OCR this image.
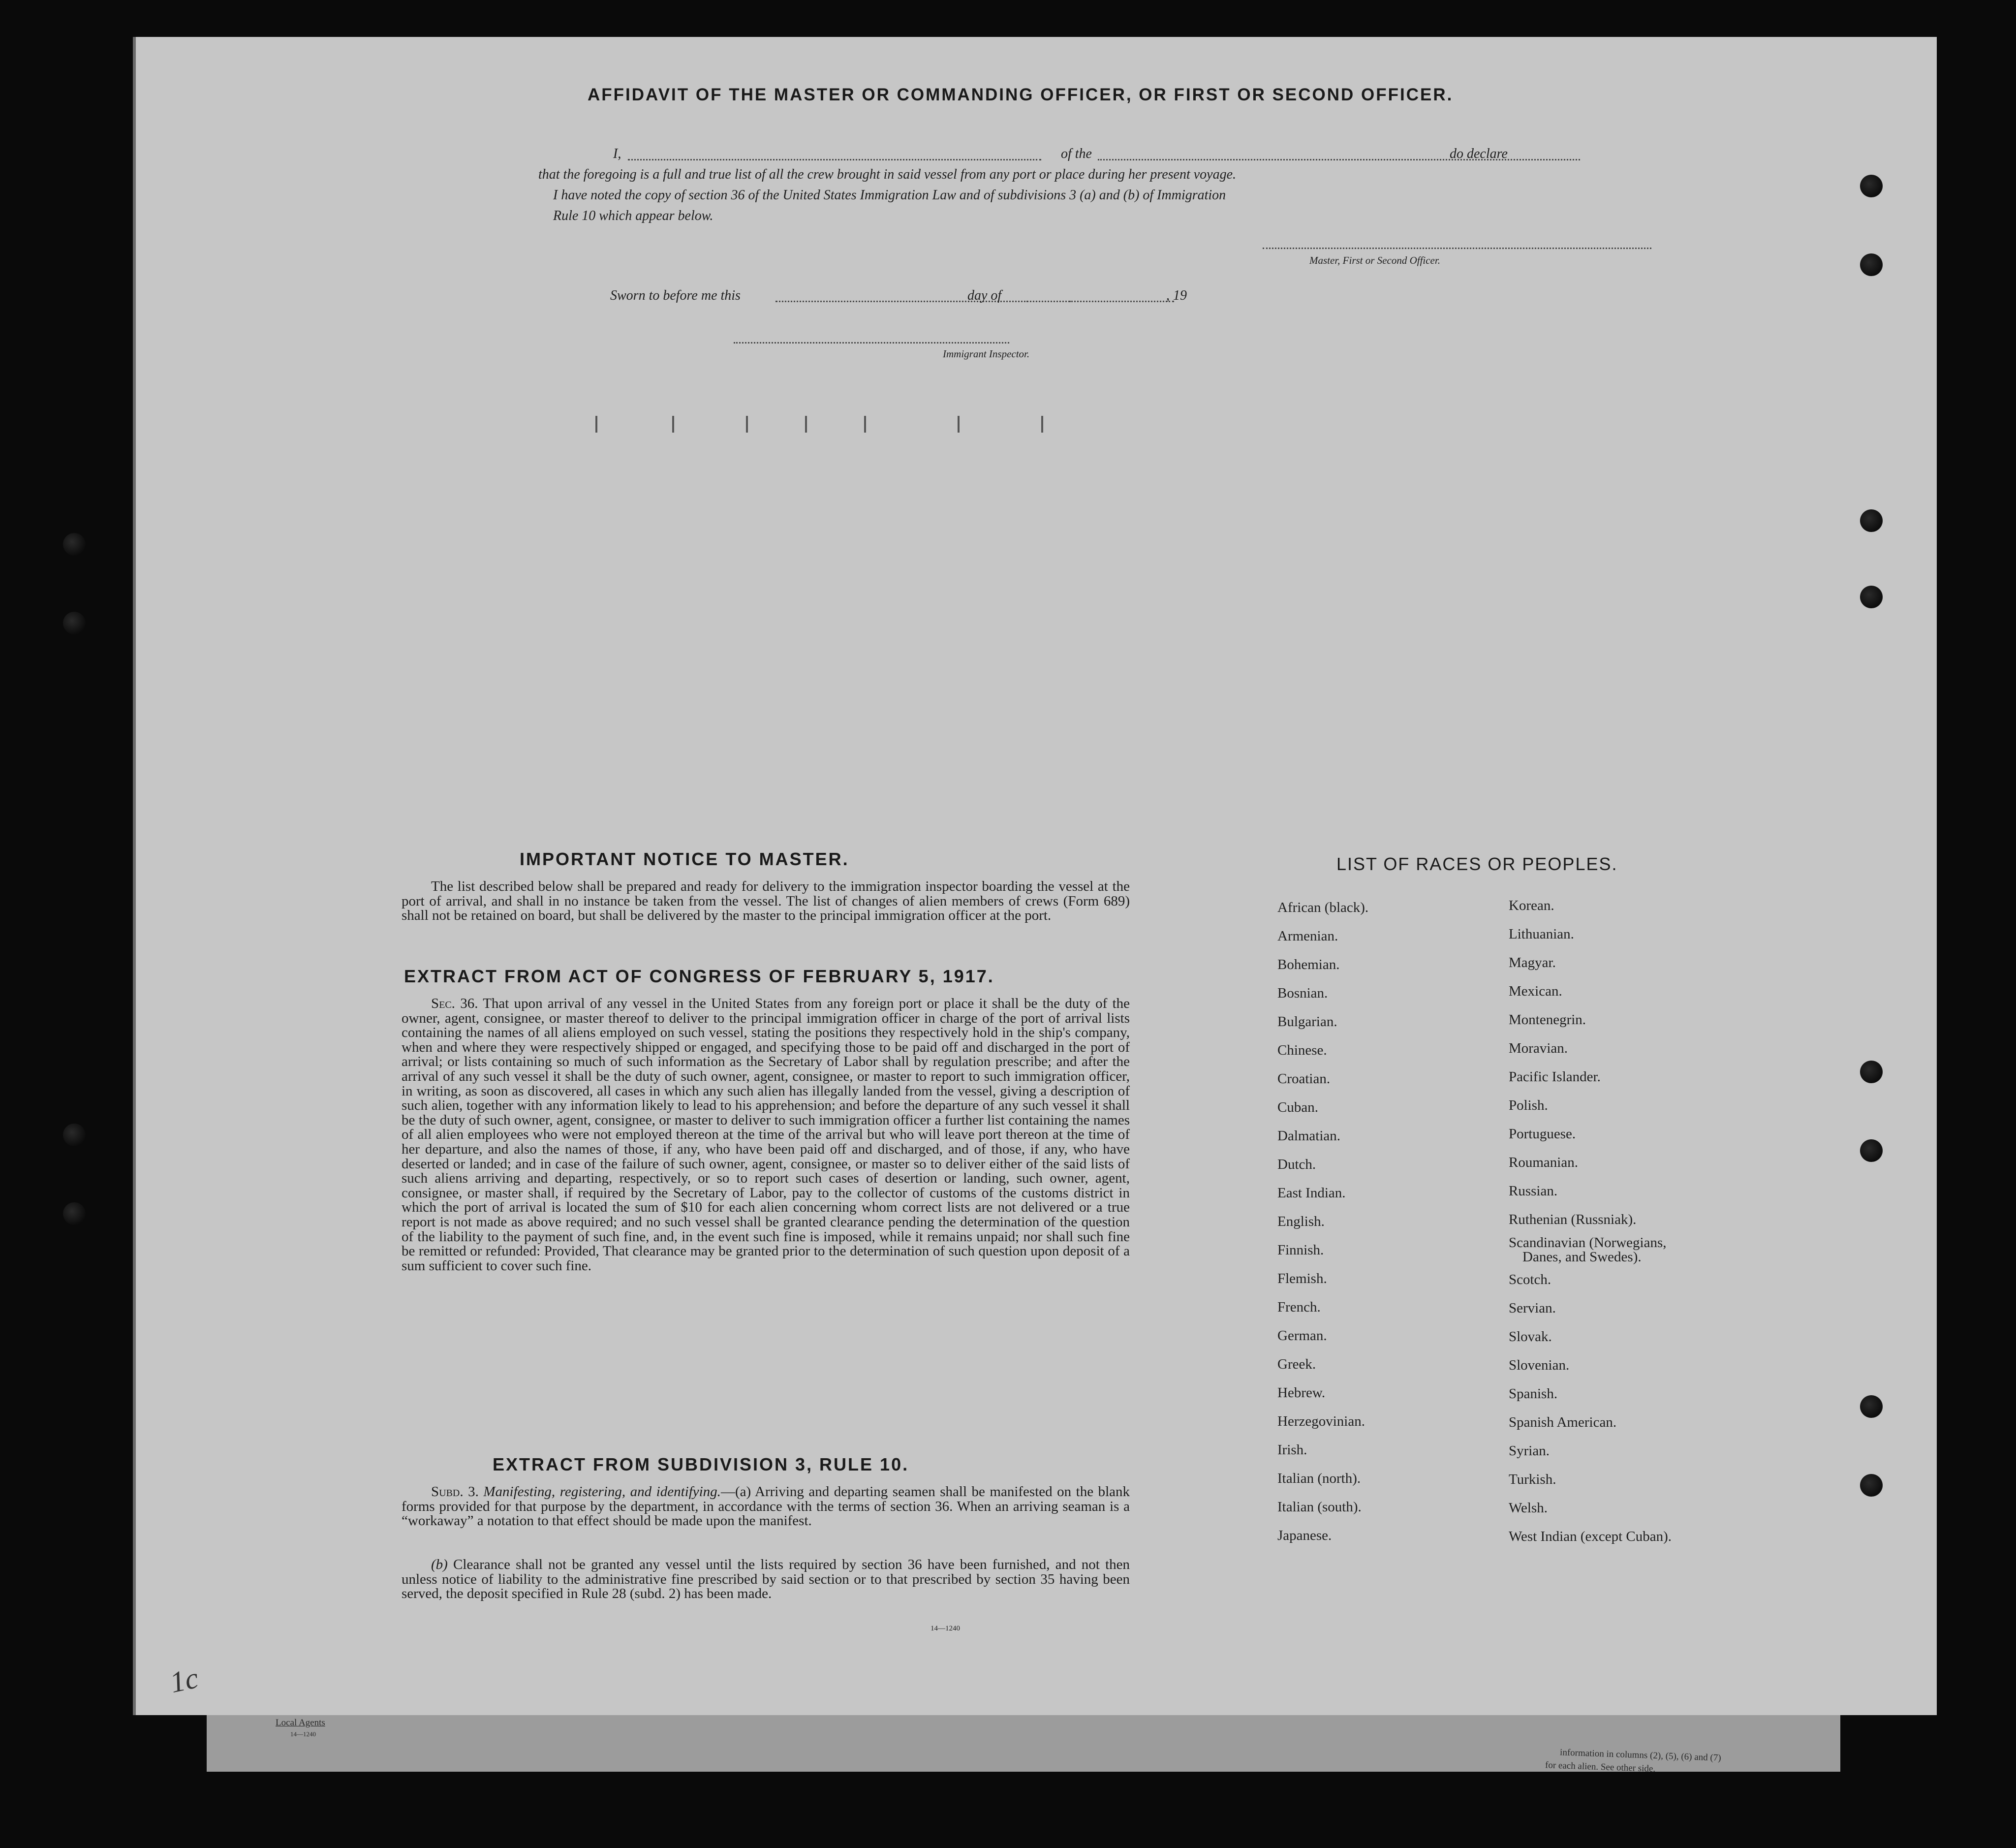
Local Agents
14—1240
information in columns (2), (5), (6) and (7)
for each alien. See other side.
AFFIDAVIT OF THE MASTER OR COMMANDING OFFICER, OR FIRST OR SECOND OFFICER.
I,	of the	do declare
that the foregoing is a full and true list of all the crew brought in said vessel from any port or place during her present voyage.
I have noted the copy of section 36 of the United States Immigration Law and of subdivisions 3 (a) and (b) of Immigration
Rule 10 which appear below.
Master, First or Second Officer.
Sworn to before me this	day of	, 19
Immigrant Inspector.
IMPORTANT NOTICE TO MASTER.
The list described below shall be prepared and ready for delivery to the immigration inspector boarding the vessel at the port of arrival, and shall in no instance be taken from the vessel. The list of changes of alien members of crews (Form 689) shall not be retained on board, but shall be delivered by the master to the principal immigration officer at the port.
EXTRACT FROM ACT OF CONGRESS OF FEBRUARY 5, 1917.
Sec. 36. That upon arrival of any vessel in the United States from any foreign port or place it shall be the duty of the owner, agent, consignee, or master thereof to deliver to the principal immigration officer in charge of the port of arrival lists containing the names of all aliens employed on such vessel, stating the positions they respectively hold in the ship's company, when and where they were respectively shipped or engaged, and specifying those to be paid off and discharged in the port of arrival; or lists containing so much of such information as the Secretary of Labor shall by regulation prescribe; and after the arrival of any such vessel it shall be the duty of such owner, agent, consignee, or master to report to such immigration officer, in writing, as soon as discovered, all cases in which any such alien has illegally landed from the vessel, giving a description of such alien, together with any information likely to lead to his apprehension; and before the departure of any such vessel it shall be the duty of such owner, agent, consignee, or master to deliver to such immigration officer a further list containing the names of all alien employees who were not employed thereon at the time of the arrival but who will leave port thereon at the time of her departure, and also the names of those, if any, who have been paid off and discharged, and of those, if any, who have deserted or landed; and in case of the failure of such owner, agent, consignee, or master so to deliver either of the said lists of such aliens arriving and departing, respectively, or so to report such cases of desertion or landing, such owner, agent, consignee, or master shall, if required by the Secretary of Labor, pay to the collector of customs of the customs district in which the port of arrival is located the sum of $10 for each alien concerning whom correct lists are not delivered or a true report is not made as above required; and no such vessel shall be granted clearance pending the determination of the question of the liability to the payment of such fine, and, in the event such fine is imposed, while it remains unpaid; nor shall such fine be remitted or refunded: Provided, That clearance may be granted prior to the determination of such question upon deposit of a sum sufficient to cover such fine.
EXTRACT FROM SUBDIVISION 3, RULE 10.
Subd. 3. Manifesting, registering, and identifying.—(a) Arriving and departing seamen shall be manifested on the blank forms provided for that purpose by the department, in accordance with the terms of section 36. When an arriving seaman is a “workaway” a notation to that effect should be made upon the manifest.
(b) Clearance shall not be granted any vessel until the lists required by section 36 have been furnished, and not then unless notice of liability to the administrative fine prescribed by said section or to that prescribed by section 35 having been served, the deposit specified in Rule 28 (subd. 2) has been made.
14—1240
LIST OF RACES OR PEOPLES.
African (black).
Armenian.
Bohemian.
Bosnian.
Bulgarian.
Chinese.
Croatian.
Cuban.
Dalmatian.
Dutch.
East Indian.
English.
Finnish.
Flemish.
French.
German.
Greek.
Hebrew.
Herzegovinian.
Irish.
Italian (north).
Italian (south).
Japanese.
Korean.
Lithuanian.
Magyar.
Mexican.
Montenegrin.
Moravian.
Pacific Islander.
Polish.
Portuguese.
Roumanian.
Russian.
Ruthenian (Russniak).
Scandinavian (Norwegians,
Danes, and Swedes).
Scotch.
Servian.
Slovak.
Slovenian.
Spanish.
Spanish American.
Syrian.
Turkish.
Welsh.
West Indian (except Cuban).
1c
